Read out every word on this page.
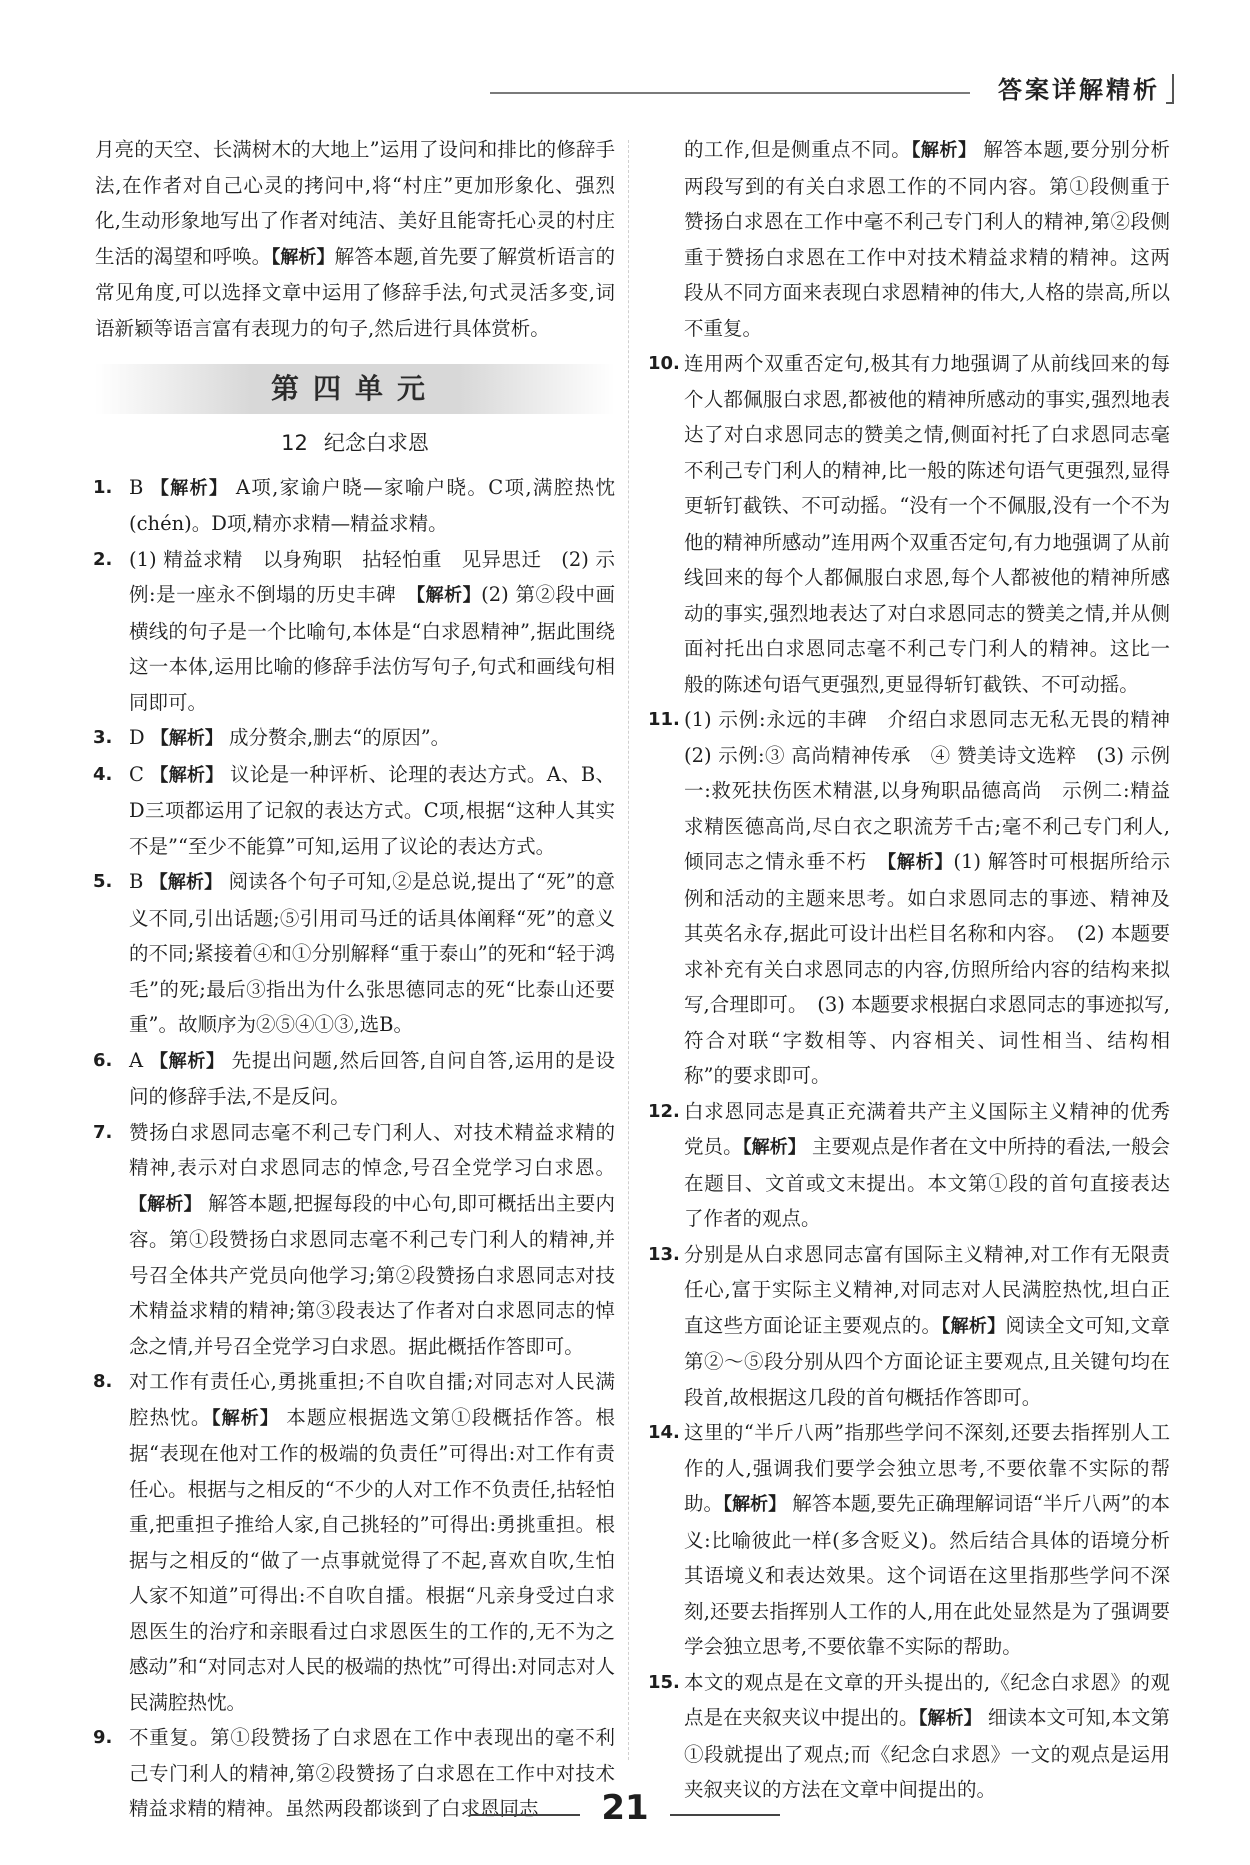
答案详解精析

月亮的天空、长满树木的大地上”运用了设问和排比的修辞手法,在作者对自己心灵的拷问中,将“村庄”更加形象化、强烈化,生动形象地写出了作者对纯洁、美好且能寄托心灵的村庄生活的渴望和呼唤。【解析】解答本题,首先要了解赏析语言的常见角度,可以选择文章中运用了修辞手法,句式灵活多变,词语新颖等语言富有表现力的句子,然后进行具体赏析。

第四单元
12 纪念白求恩

1. B 【解析】 A项,家谕户晓—家喻户晓。C项,满腔热忱(chén)。D项,精亦求精—精益求精。

2. (1) 精益求精　以身殉职　拈轻怕重　见异思迁　(2) 示例:是一座永不倒塌的历史丰碑　【解析】(2) 第②段中画横线的句子是一个比喻句,本体是“白求恩精神”,据此围绕这一本体,运用比喻的修辞手法仿写句子,句式和画线句相同即可。

3. D 【解析】 成分赘余,删去“的原因”。

4. C 【解析】 议论是一种评析、论理的表达方式。A、B、D三项都运用了记叙的表达方式。C项,根据“这种人其实不是”“至少不能算”可知,运用了议论的表达方式。

5. B 【解析】 阅读各个句子可知,②是总说,提出了“死”的意义不同,引出话题;⑤引用司马迁的话具体阐释“死”的意义的不同;紧接着④和①分别解释“重于泰山”的死和“轻于鸿毛”的死;最后③指出为什么张思德同志的死“比泰山还要重”。故顺序为②⑤④①③,选B。

6. A 【解析】 先提出问题,然后回答,自问自答,运用的是设问的修辞手法,不是反问。

7. 赞扬白求恩同志毫不利己专门利人、对技术精益求精的精神,表示对白求恩同志的悼念,号召全党学习白求恩。【解析】 解答本题,把握每段的中心句,即可概括出主要内容。第①段赞扬白求恩同志毫不利己专门利人的精神,并号召全体共产党员向他学习;第②段赞扬白求恩同志对技术精益求精的精神;第③段表达了作者对白求恩同志的悼念之情,并号召全党学习白求恩。据此概括作答即可。

8. 对工作有责任心,勇挑重担;不自吹自擂;对同志对人民满腔热忱。【解析】 本题应根据选文第①段概括作答。根据“表现在他对工作的极端的负责任”可得出:对工作有责任心。根据与之相反的“不少的人对工作不负责任,拈轻怕重,把重担子推给人家,自己挑轻的”可得出:勇挑重担。根据与之相反的“做了一点事就觉得了不起,喜欢自吹,生怕人家不知道”可得出:不自吹自擂。根据“凡亲身受过白求恩医生的治疗和亲眼看过白求恩医生的工作的,无不为之感动”和“对同志对人民的极端的热忱”可得出:对同志对人民满腔热忱。

9. 不重复。第①段赞扬了白求恩在工作中表现出的毫不利己专门利人的精神,第②段赞扬了白求恩在工作中对技术精益求精的精神。虽然两段都谈到了白求恩同志

的工作,但是侧重点不同。【解析】 解答本题,要分别分析两段写到的有关白求恩工作的不同内容。第①段侧重于赞扬白求恩在工作中毫不利己专门利人的精神,第②段侧重于赞扬白求恩在工作中对技术精益求精的精神。这两段从不同方面来表现白求恩精神的伟大,人格的崇高,所以不重复。

10. 连用两个双重否定句,极其有力地强调了从前线回来的每个人都佩服白求恩,都被他的精神所感动的事实,强烈地表达了对白求恩同志的赞美之情,侧面衬托了白求恩同志毫不利己专门利人的精神,比一般的陈述句语气更强烈,显得更斩钉截铁、不可动摇。“没有一个不佩服,没有一个不为他的精神所感动”连用两个双重否定句,有力地强调了从前线回来的每个人都佩服白求恩,每个人都被他的精神所感动的事实,强烈地表达了对白求恩同志的赞美之情,并从侧面衬托出白求恩同志毫不利己专门利人的精神。这比一般的陈述句语气更强烈,更显得斩钉截铁、不可动摇。

11. (1) 示例:永远的丰碑　介绍白求恩同志无私无畏的精神　(2) 示例:③ 高尚精神传承　④ 赞美诗文选粹　(3) 示例一:救死扶伤医术精湛,以身殉职品德高尚　示例二:精益求精医德高尚,尽白衣之职流芳千古;毫不利己专门利人,倾同志之情永垂不朽　【解析】(1) 解答时可根据所给示例和活动的主题来思考。如白求恩同志的事迹、精神及其英名永存,据此可设计出栏目名称和内容。　(2) 本题要求补充有关白求恩同志的内容,仿照所给内容的结构来拟写,合理即可。　(3) 本题要求根据白求恩同志的事迹拟写,符合对联“字数相等、内容相关、词性相当、结构相称”的要求即可。

12. 白求恩同志是真正充满着共产主义国际主义精神的优秀党员。【解析】 主要观点是作者在文中所持的看法,一般会在题目、文首或文末提出。本文第①段的首句直接表达了作者的观点。

13. 分别是从白求恩同志富有国际主义精神,对工作有无限责任心,富于实际主义精神,对同志对人民满腔热忱,坦白正直这些方面论证主要观点的。【解析】阅读全文可知,文章第②～⑤段分别从四个方面论证主要观点,且关键句均在段首,故根据这几段的首句概括作答即可。

14. 这里的“半斤八两”指那些学问不深刻,还要去指挥别人工作的人,强调我们要学会独立思考,不要依靠不实际的帮助。【解析】 解答本题,要先正确理解词语“半斤八两”的本义:比喻彼此一样(多含贬义)。然后结合具体的语境分析其语境义和表达效果。这个词语在这里指那些学问不深刻,还要去指挥别人工作的人,用在此处显然是为了强调要学会独立思考,不要依靠不实际的帮助。

15. 本文的观点是在文章的开头提出的,《纪念白求恩》的观点是在夹叙夹议中提出的。【解析】 细读本文可知,本文第①段就提出了观点;而《纪念白求恩》一文的观点是运用夹叙夹议的方法在文章中间提出的。

21
